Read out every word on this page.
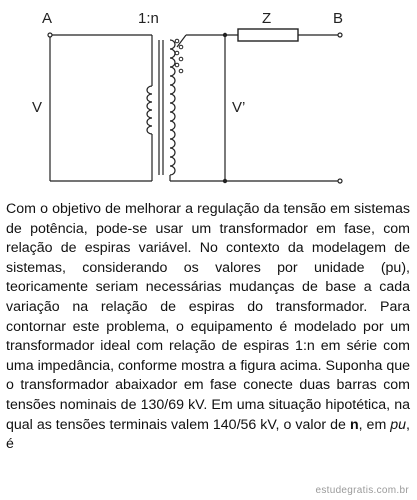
A	1:n	Z	B
V	V’

Com o objetivo de melhorar a regulação da tensão em sistemas de potência, pode-se usar um transformador em fase, com relação de espiras variável. No contexto da modelagem de sistemas, considerando os valores por unidade (pu), teoricamente seriam necessárias mudanças de base a cada variação na relação de espiras do transformador. Para contornar este problema, o equipamento é modelado por um transformador ideal com relação de espiras 1:n em série com uma impedância, conforme mostra a figura acima. Suponha que o transformador abaixador em fase conecte duas barras com tensões nominais de 130/69 kV. Em uma situação hipotética, na qual as tensões terminais valem 140/56 kV, o valor de n, em pu, é

estudegratis.com.br
